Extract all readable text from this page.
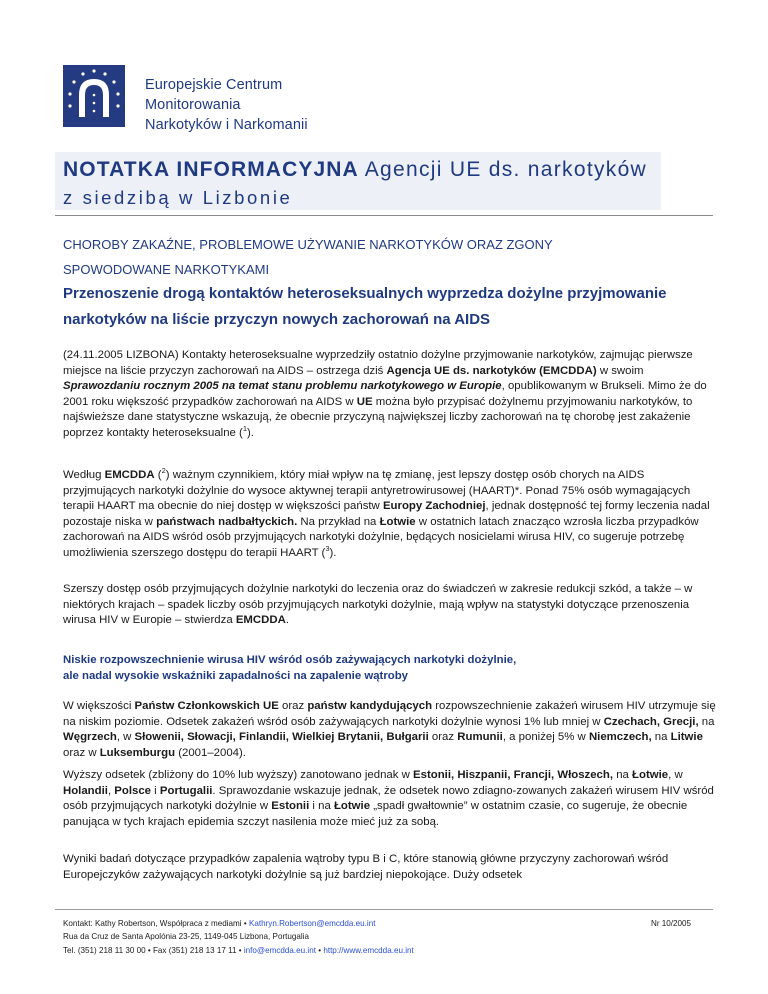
Europejskie Centrum Monitorowania
Narkotyków i Narkomanii
NOTATKA INFORMACYJNA Agencji UE ds. narkotyków
z siedzibą w Lizbonie
CHOROBY ZAKAŹNE, PROBLEMOWE UŻYWANIE NARKOTYKÓW ORAZ ZGONY
SPOWODOWANE NARKOTYKAMI
Przenoszenie drogą kontaktów heteroseksualnych wyprzedza dożylne przyjmowanie
narkotyków na liście przyczyn nowych zachorowań na AIDS
(24.11.2005 LIZBONA) Kontakty heteroseksualne wyprzedziły ostatnio dożylne przyjmowanie narkotyków, zajmując pierwsze miejsce na liście przyczyn zachorowań na AIDS – ostrzega dziś Agencja UE ds. narkotyków (EMCDDA) w swoim Sprawozdaniu rocznym 2005 na temat stanu problemu narkotykowego w Europie, opublikowanym w Brukseli. Mimo że do 2001 roku większość przypadków zachorowań na AIDS w UE można było przypisać dożylnemu przyjmowaniu narkotyków, to najświeższe dane statystyczne wskazują, że obecnie przyczyną największej liczby zachorowań na tę chorobę jest zakażenie poprzez kontakty heteroseksualne ($^1$).
Według EMCDDA ($^2$) ważnym czynnikiem, który miał wpływ na tę zmianę, jest lepszy dostęp osób chorych na AIDS przyjmujących narkotyki dożylnie do wysoce aktywnej terapii antyretrowirusowej (HAART)*. Ponad 75% osób wymagających terapii HAART ma obecnie do niej dostęp w większości państw Europy Zachodniej, jednak dostępność tej formy leczenia nadal pozostaje niska w państwach nadbałtyckich. Na przykład na Łotwie w ostatnich latach znacząco wzrosła liczba przypadków zachorowań na AIDS wśród osób przyjmujących narkotyki dożylnie, będących nosicielami wirusa HIV, co sugeruje potrzebę umożliwienia szerszego dostępu do terapii HAART ($^3$).
Szerszy dostęp osób przyjmujących dożylnie narkotyki do leczenia oraz do świadczeń w zakresie redukcji szkód, a także – w niektórych krajach – spadek liczby osób przyjmujących narkotyki dożylnie, mają wpływ na statystyki dotyczące przenoszenia wirusa HIV w Europie – stwierdza EMCDDA.
Niskie rozpowszechnienie wirusa HIV wśród osób zażywających narkotyki dożylnie,
ale nadal wysokie wskaźniki zapadalności na zapalenie wątroby
W większości Państw Członkowskich UE oraz państw kandydujących rozpowszechnienie zakażeń wirusem HIV utrzymuje się na niskim poziomie. Odsetek zakażeń wśród osób zażywających narkotyki dożylnie wynosi 1% lub mniej w Czechach, Grecji, na Węgrzech, w Słowenii, Słowacji, Finlandii, Wielkiej Brytanii, Bułgarii oraz Rumunii, a poniżej 5% w Niemczech, na Litwie oraz w Luksemburgu (2001–2004).
Wyższy odsetek (zbliżony do 10% lub wyższy) zanotowano jednak w Estonii, Hiszpanii, Francji, Włoszech, na Łotwie, w Holandii, Polsce i Portugalii. Sprawozdanie wskazuje jednak, że odsetek nowo zdiagno-zowanych zakażeń wirusem HIV wśród osób przyjmujących narkotyki dożylnie w Estonii i na Łotwie „spadł gwałtownie” w ostatnim czasie, co sugeruje, że obecnie panująca w tych krajach epidemia szczyt nasilenia może mieć już za sobą.
Wyniki badań dotyczące przypadków zapalenia wątroby typu B i C, które stanowią główne przyczyny zachorowań wśród Europejczyków zażywających narkotyki dożylnie są już bardziej niepokojące. Duży odsetek
Kontakt: Kathy Robertson, Współpraca z mediami • Kathryn.Robertson@emcdda.eu.int
Rua da Cruz de Santa Apolónia 23-25, 1149-045 Lizbona, Portugalia
Tel. (351) 218 11 30 00 • Fax (351) 218 13 17 11 • info@emcdda.eu.int • http://www.emcdda.eu.int
Nr 10/2005
